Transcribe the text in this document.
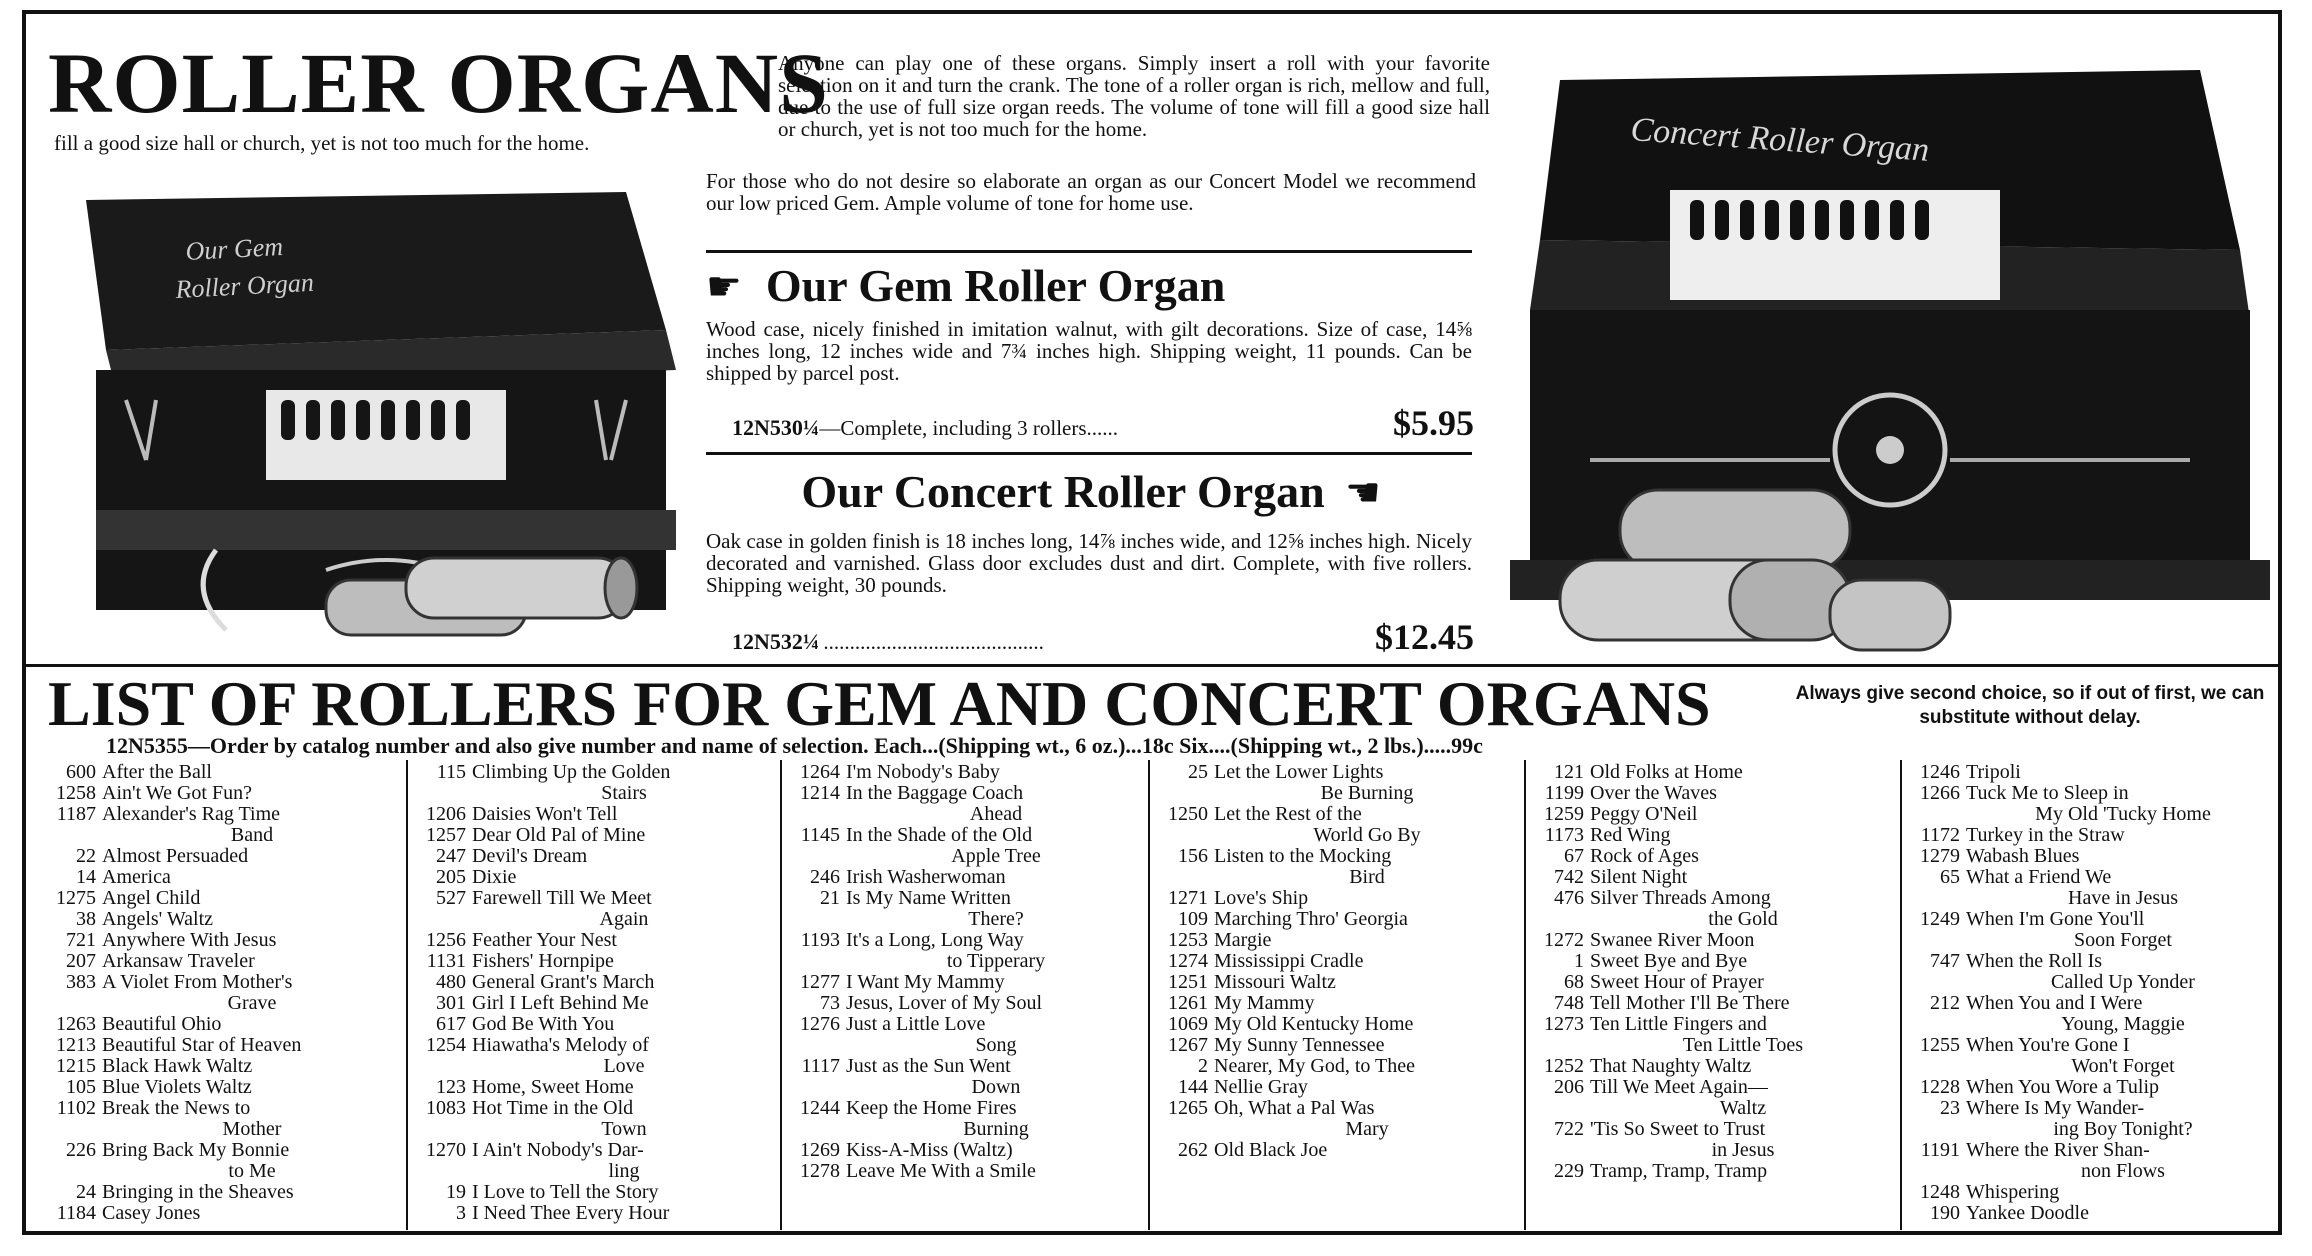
ROLLER ORGANS
Anyone can play one of these organs. Simply insert a roll with your favorite selection on it and turn the crank. The tone of a roller organ is rich, mellow and full, due to the use of full size organ reeds. The volume of tone will fill a good size hall or church, yet is not too much for the home.
fill a good size hall or church, yet is not too much for the home.
Our Gem
Roller Organ
For those who do not desire so elaborate an organ as our Concert Model we recommend our low priced Gem. Ample volume of tone for home use.
☛ Our Gem Roller Organ
Wood case, nicely finished in imitation walnut, with gilt decorations. Size of case, 14⅝ inches long, 12 inches wide and 7¾ inches high. Shipping weight, 11 pounds. Can be shipped by parcel post.
12N530¼—Complete, including 3 rollers......	$5.95
Our Concert Roller Organ ☛
Oak case in golden finish is 18 inches long, 14⅞ inches wide, and 12⅝ inches high. Nicely decorated and varnished. Glass door excludes dust and dirt. Complete, with five rollers. Shipping weight, 30 pounds.
12N532¼ ..........................................	$12.45
Concert Roller Organ
LIST OF ROLLERS FOR GEM AND CONCERT ORGANS	Always give second choice, so if out of first, we can substitute without delay.
12N5355—Order by catalog number and also give number and name of selection. Each...(Shipping wt., 6 oz.)...18c Six....(Shipping wt., 2 lbs.).....99c
600 After the Ball
1258 Ain't We Got Fun?
1187 Alexander's Rag Time
Band
22 Almost Persuaded
14 America
1275 Angel Child
38 Angels' Waltz
721 Anywhere With Jesus
207 Arkansaw Traveler
383 A Violet From Mother's
Grave
1263 Beautiful Ohio
1213 Beautiful Star of Heaven
1215 Black Hawk Waltz
105 Blue Violets Waltz
1102 Break the News to
Mother
226 Bring Back My Bonnie
to Me
24 Bringing in the Sheaves
1184 Casey Jones
115 Climbing Up the Golden
Stairs
1206 Daisies Won't Tell
1257 Dear Old Pal of Mine
247 Devil's Dream
205 Dixie
527 Farewell Till We Meet
Again
1256 Feather Your Nest
1131 Fishers' Hornpipe
480 General Grant's March
301 Girl I Left Behind Me
617 God Be With You
1254 Hiawatha's Melody of
Love
123 Home, Sweet Home
1083 Hot Time in the Old
Town
1270 I Ain't Nobody's Dar-
ling
19 I Love to Tell the Story
3 I Need Thee Every Hour
1264 I'm Nobody's Baby
1214 In the Baggage Coach
Ahead
1145 In the Shade of the Old
Apple Tree
246 Irish Washerwoman
21 Is My Name Written
There?
1193 It's a Long, Long Way
to Tipperary
1277 I Want My Mammy
73 Jesus, Lover of My Soul
1276 Just a Little Love
Song
1117 Just as the Sun Went
Down
1244 Keep the Home Fires
Burning
1269 Kiss-A-Miss (Waltz)
1278 Leave Me With a Smile
25 Let the Lower Lights
Be Burning
1250 Let the Rest of the
World Go By
156 Listen to the Mocking
Bird
1271 Love's Ship
109 Marching Thro' Georgia
1253 Margie
1274 Mississippi Cradle
1251 Missouri Waltz
1261 My Mammy
1069 My Old Kentucky Home
1267 My Sunny Tennessee
2 Nearer, My God, to Thee
144 Nellie Gray
1265 Oh, What a Pal Was
Mary
262 Old Black Joe
121 Old Folks at Home
1199 Over the Waves
1259 Peggy O'Neil
1173 Red Wing
67 Rock of Ages
742 Silent Night
476 Silver Threads Among
the Gold
1272 Swanee River Moon
1 Sweet Bye and Bye
68 Sweet Hour of Prayer
748 Tell Mother I'll Be There
1273 Ten Little Fingers and
Ten Little Toes
1252 That Naughty Waltz
206 Till We Meet Again—
Waltz
722 'Tis So Sweet to Trust
in Jesus
229 Tramp, Tramp, Tramp
1246 Tripoli
1266 Tuck Me to Sleep in
My Old 'Tucky Home
1172 Turkey in the Straw
1279 Wabash Blues
65 What a Friend We
Have in Jesus
1249 When I'm Gone You'll
Soon Forget
747 When the Roll Is
Called Up Yonder
212 When You and I Were
Young, Maggie
1255 When You're Gone I
Won't Forget
1228 When You Wore a Tulip
23 Where Is My Wander-
ing Boy Tonight?
1191 Where the River Shan-
non Flows
1248 Whispering
190 Yankee Doodle
